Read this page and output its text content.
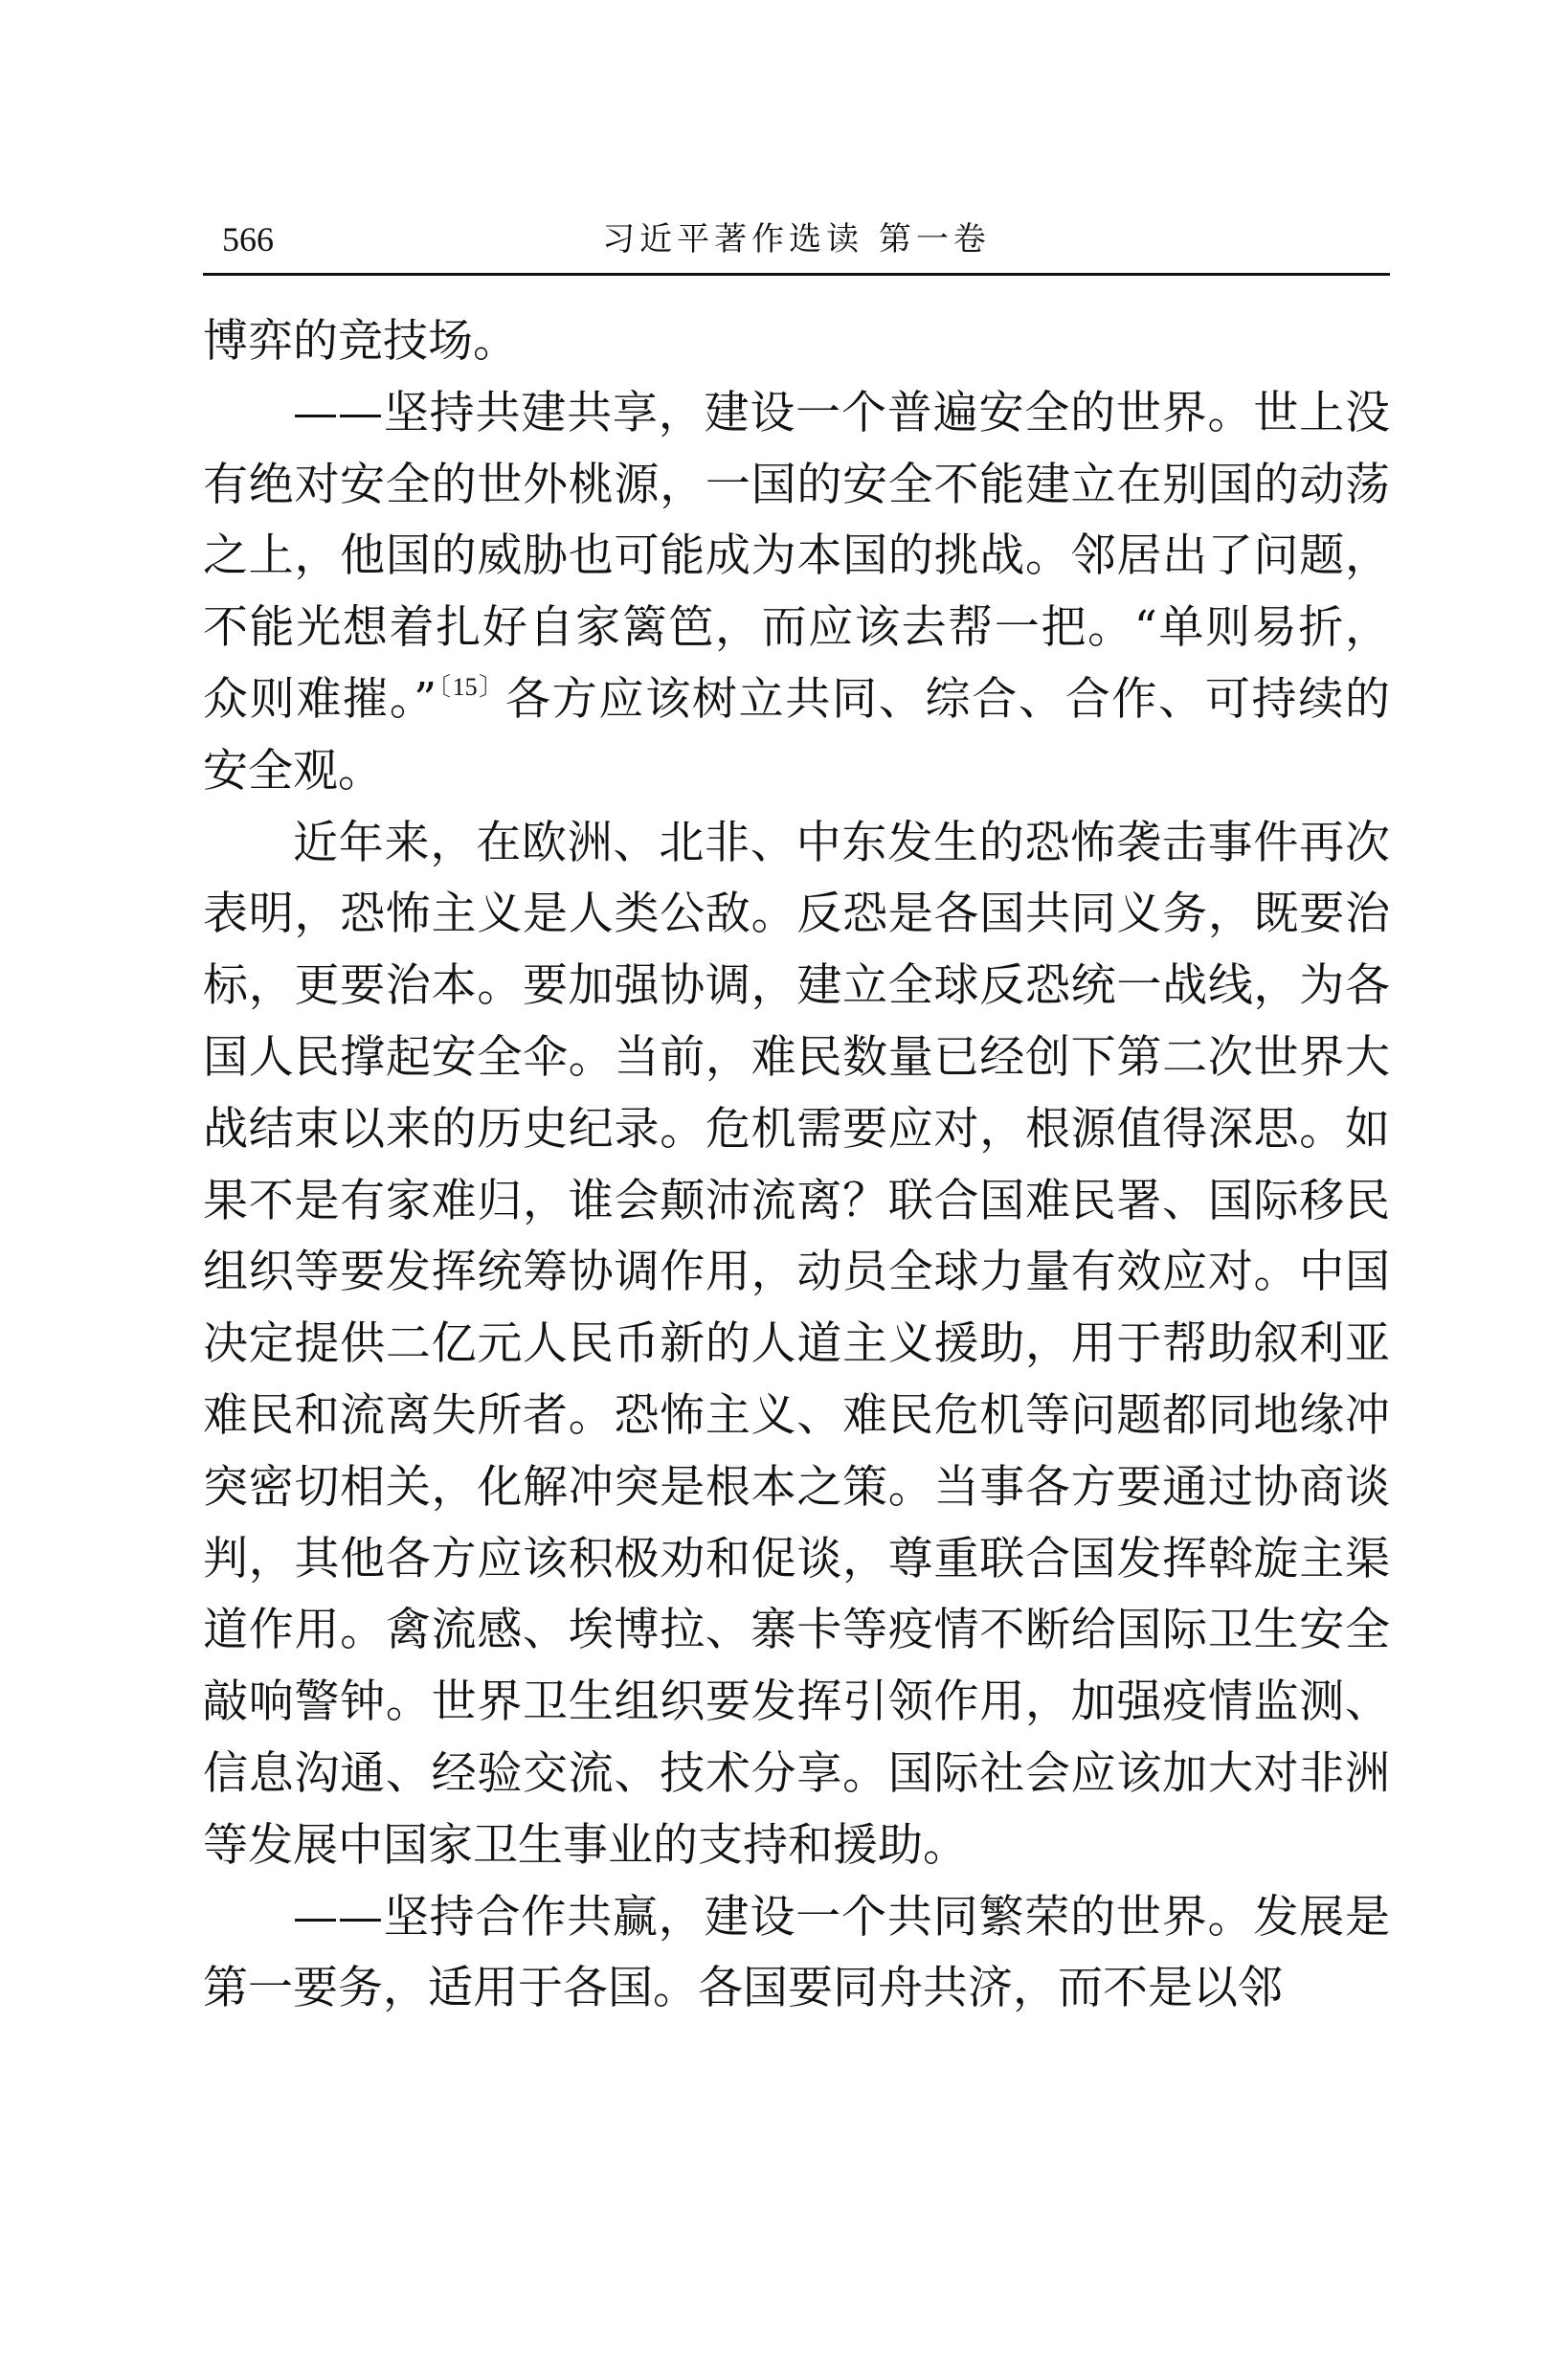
566	习近平著作选读 第一卷

博弈的竞技场。

——坚持共建共享，建设一个普遍安全的世界。世上没有绝对安全的世外桃源，一国的安全不能建立在别国的动荡之上，他国的威胁也可能成为本国的挑战。邻居出了问题，不能光想着扎好自家篱笆，而应该去帮一把。“单则易折，众则难摧。”$^{〔15〕}$各方应该树立共同、综合、合作、可持续的安全观。

近年来，在欧洲、北非、中东发生的恐怖袭击事件再次表明，恐怖主义是人类公敌。反恐是各国共同义务，既要治标，更要治本。要加强协调，建立全球反恐统一战线，为各国人民撑起安全伞。当前，难民数量已经创下第二次世界大战结束以来的历史纪录。危机需要应对，根源值得深思。如果不是有家难归，谁会颠沛流离？联合国难民署、国际移民组织等要发挥统筹协调作用，动员全球力量有效应对。中国决定提供二亿元人民币新的人道主义援助，用于帮助叙利亚难民和流离失所者。恐怖主义、难民危机等问题都同地缘冲突密切相关，化解冲突是根本之策。当事各方要通过协商谈判，其他各方应该积极劝和促谈，尊重联合国发挥斡旋主渠道作用。禽流感、埃博拉、寨卡等疫情不断给国际卫生安全敲响警钟。世界卫生组织要发挥引领作用，加强疫情监测、信息沟通、经验交流、技术分享。国际社会应该加大对非洲等发展中国家卫生事业的支持和援助。

——坚持合作共赢，建设一个共同繁荣的世界。发展是第一要务，适用于各国。各国要同舟共济，而不是以邻
